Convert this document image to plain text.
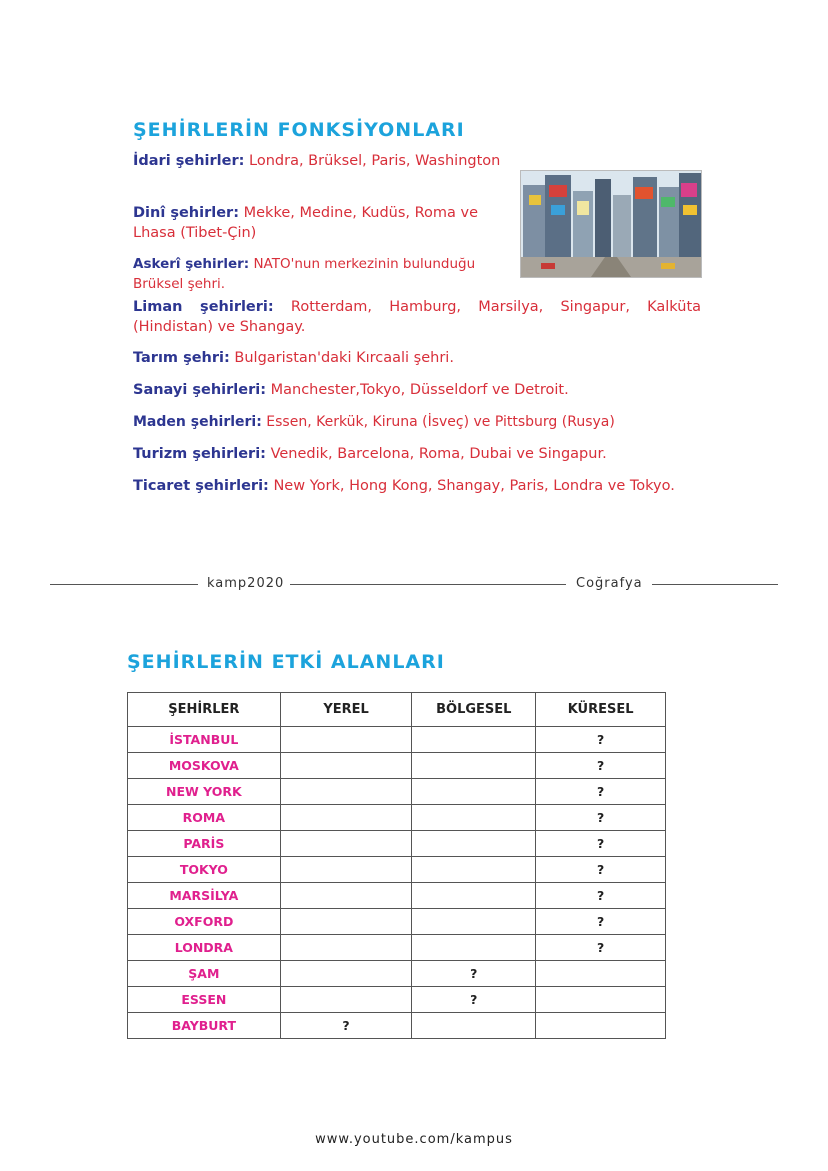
ŞEHİRLERİN FONKSİYONLARI
İdari şehirler: Londra, Brüksel, Paris, Washington
Dinî şehirler: Mekke, Medine, Kudüs, Roma ve Lhasa (Tibet-Çin)
Askerî şehirler: NATO'nun merkezinin bulunduğu Brüksel şehri.
Liman şehirleri: Rotterdam, Hamburg, Marsilya, Singapur, Kalküta (Hindistan) ve Shangay.
Tarım şehri: Bulgaristan'daki Kırcaali şehri.
Sanayi şehirleri: Manchester,Tokyo, Düsseldorf ve Detroit.
Maden şehirleri: Essen, Kerkük, Kiruna (İsveç) ve Pittsburg (Rusya)
Turizm şehirleri: Venedik, Barcelona, Roma, Dubai ve Singapur.
Ticaret şehirleri: New York, Hong Kong, Shangay, Paris, Londra ve Tokyo.
kamp2020	Coğrafya
ŞEHİRLERİN ETKİ ALANLARI
ŞEHİRLER	YEREL	BÖLGESEL	KÜRESEL
İSTANBUL			?
MOSKOVA			?
NEW YORK			?
ROMA			?
PARİS			?
TOKYO			?
MARSİLYA			?
OXFORD			?
LONDRA			?
ŞAM		?	
ESSEN		?	
BAYBURT	?		
www.youtube.com/kampus
